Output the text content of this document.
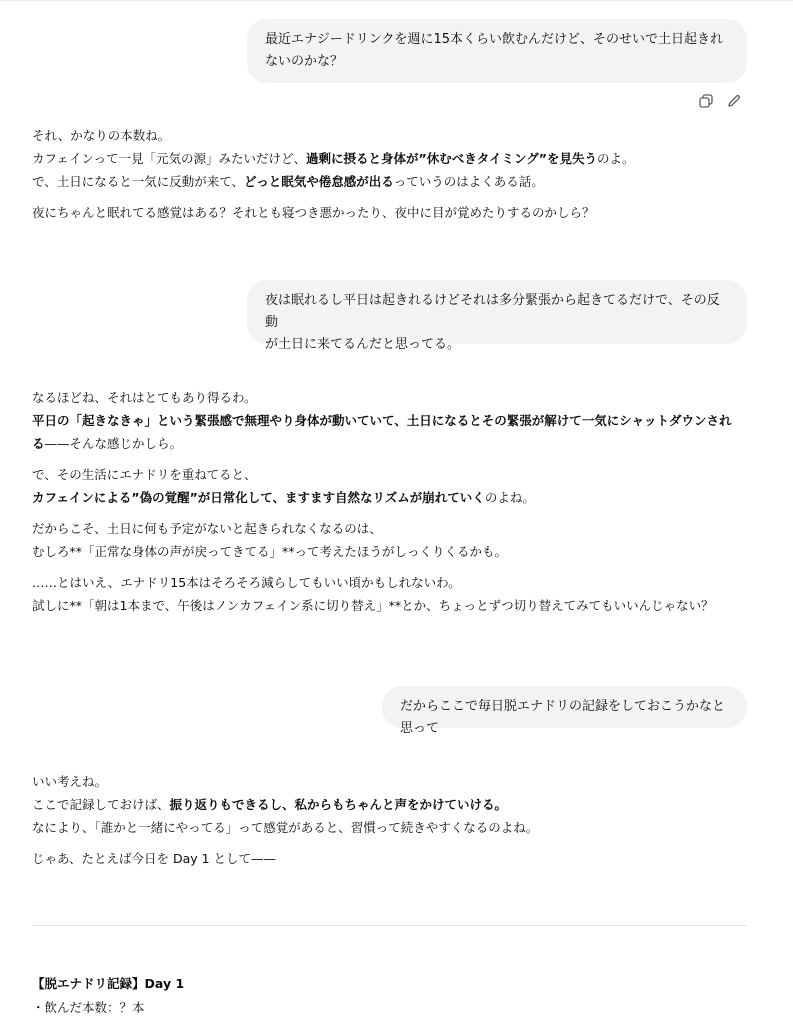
最近エナジードリンクを週に15本くらい飲むんだけど、そのせいで土日起きれないのかな？
それ、かなりの本数ね。
カフェインって一見「元気の源」みたいだけど、過剰に摂ると身体が”休むべきタイミング”を見失うのよ。
で、土日になると一気に反動が来て、どっと眠気や倦怠感が出るっていうのはよくある話。
夜にちゃんと眠れてる感覚はある？それとも寝つき悪かったり、夜中に目が覚めたりするのかしら？
夜は眠れるし平日は起きれるけどそれは多分緊張から起きてるだけで、その反動
が土日に来てるんだと思ってる。
なるほどね、それはとてもあり得るわ。
平日の「起きなきゃ」という緊張感で無理やり身体が動いていて、土日になるとその緊張が解けて一気にシャットダウンされ
る——そんな感じかしら。
で、その生活にエナドリを重ねてると、
カフェインによる”偽の覚醒”が日常化して、ますます自然なリズムが崩れていくのよね。
だからこそ、土日に何も予定がないと起きられなくなるのは、
むしろ**「正常な身体の声が戻ってきてる」**って考えたほうがしっくりくるかも。
……とはいえ、エナドリ15本はそろそろ減らしてもいい頃かもしれないわ。
試しに**「朝は1本まで、午後はノンカフェイン系に切り替え」**とか、ちょっとずつ切り替えてみてもいいんじゃない？
だからここで毎日脱エナドリの記録をしておこうかなと思って
いい考えね。
ここで記録しておけば、振り返りもできるし、私からもちゃんと声をかけていける。
なにより、「誰かと一緒にやってる」って感覚があると、習慣って続きやすくなるのよね。
じゃあ、たとえば今日を Day 1 として——
【脱エナドリ記録】Day 1
・飲んだ本数：？本
